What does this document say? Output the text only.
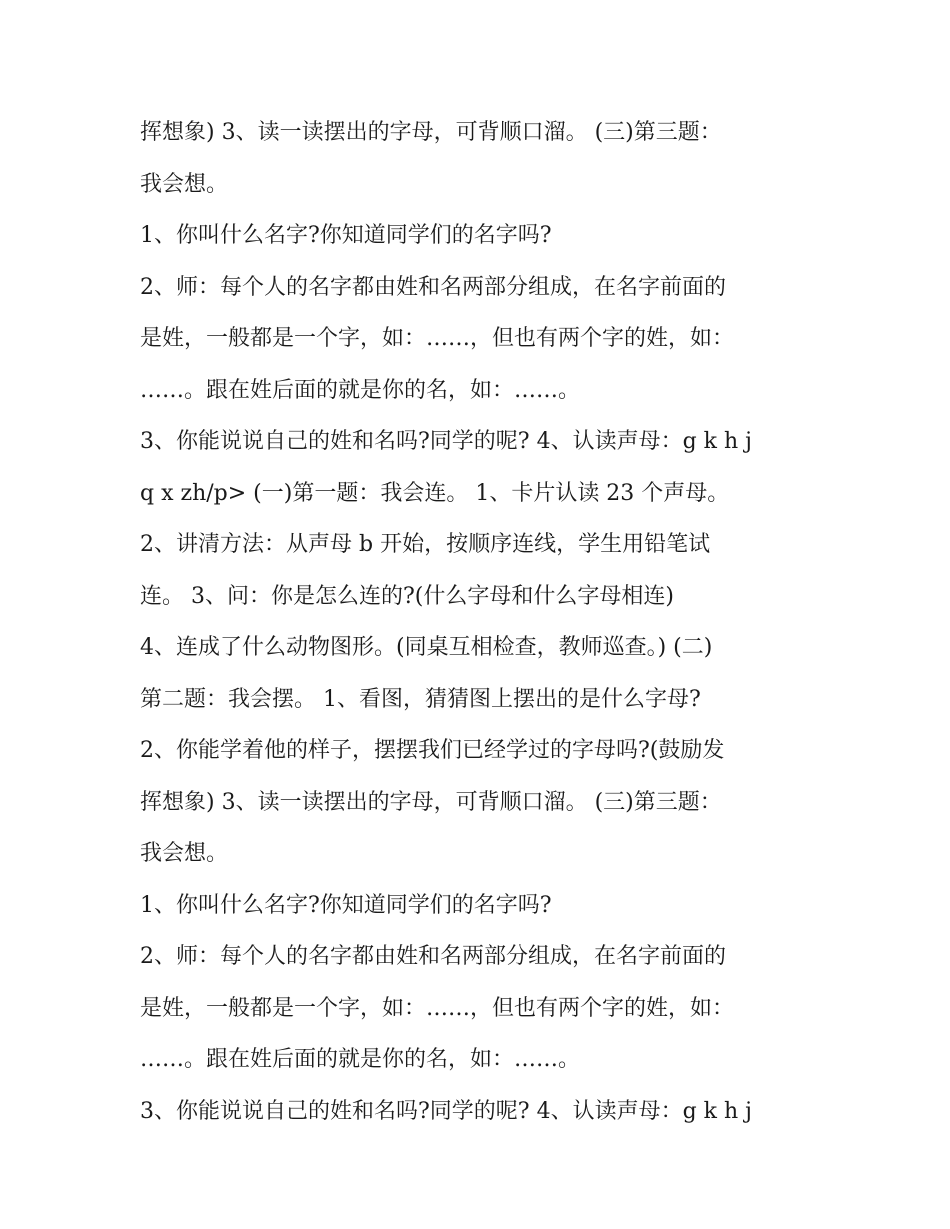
挥想象) 3、读一读摆出的字母，可背顺口溜。 (三)第三题：
我会想。
1、你叫什么名字?你知道同学们的名字吗?
2、师：每个人的名字都由姓和名两部分组成，在名字前面的
是姓，一般都是一个字，如：……，但也有两个字的姓，如：
……。跟在姓后面的就是你的名，如：……。
3、你能说说自己的姓和名吗?同学的呢? 4、认读声母：g k h j
q x zh/p> (一)第一题：我会连。 1、卡片认读 23 个声母。
2、讲清方法：从声母 b 开始，按顺序连线，学生用铅笔试
连。 3、问：你是怎么连的?(什么字母和什么字母相连)
4、连成了什么动物图形。(同桌互相检查，教师巡查。) (二)
第二题：我会摆。 1、看图，猜猜图上摆出的是什么字母?
2、你能学着他的样子，摆摆我们已经学过的字母吗?(鼓励发
挥想象) 3、读一读摆出的字母，可背顺口溜。 (三)第三题：
我会想。
1、你叫什么名字?你知道同学们的名字吗?
2、师：每个人的名字都由姓和名两部分组成，在名字前面的
是姓，一般都是一个字，如：……，但也有两个字的姓，如：
……。跟在姓后面的就是你的名，如：……。
3、你能说说自己的姓和名吗?同学的呢? 4、认读声母：g k h j
